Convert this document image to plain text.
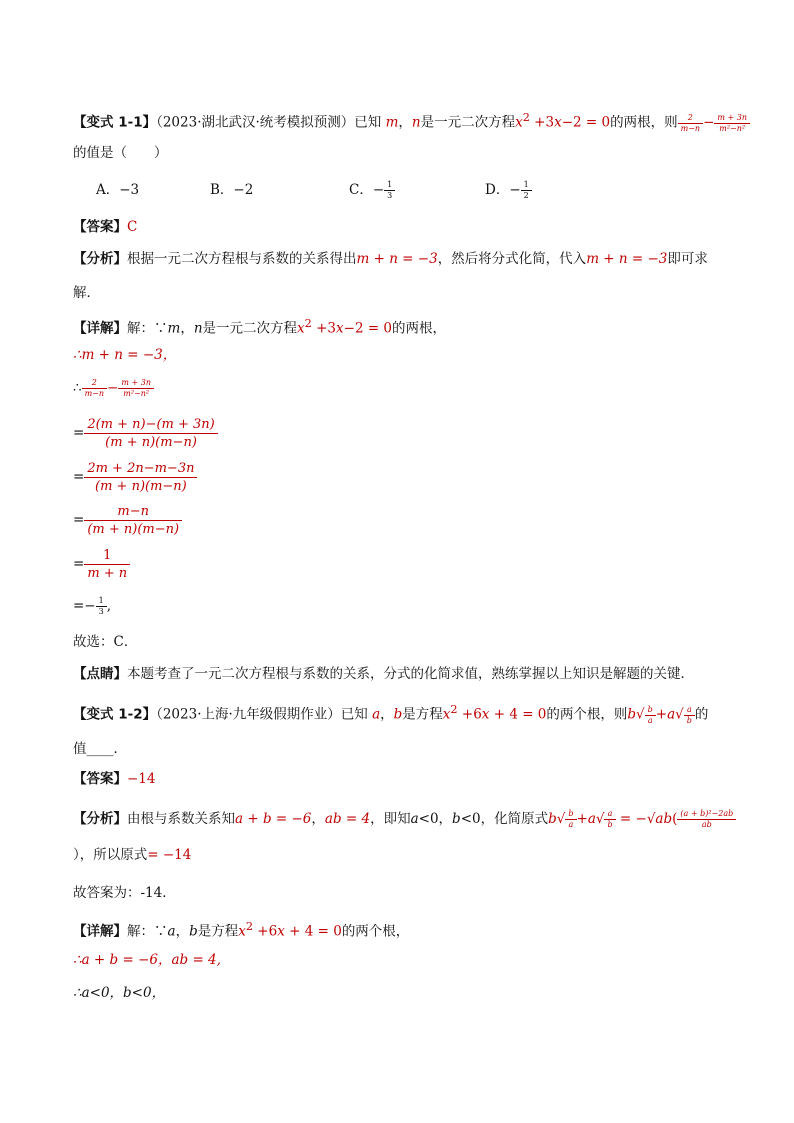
【变式 1-1】（2023·湖北武汉·统考模拟预测）已知 m，n是一元二次方程$x^2 +3x-2 = 0$的两根，则 $\frac{2}{m-n} - \frac{m + 3n}{\text{m²−n²}}$
的值是（　　）
A．−3	B．−2	C．− $\frac{1}{3}$	D．− $\frac{1}{2}$
【答案】C
【分析】根据一元二次方程根与系数的关系得出m + n = −3，然后将分式化简，代入m + n = −3即可求
解．
【详解】解：∵m，n是一元二次方程$x^2 +3x-2 = 0$的两根，
∴m + n = −3，
∴ $\frac{2}{m-n} - \frac{m + 3n}{\text{m²−n²}}$
= $\frac{2(m + n)-(m + 3n)}{(m + n)(m-n)}$
= $\frac{2m + 2n-m-3n}{(m + n)(m-n)}$
= $\frac{m-n}{(m + n)(m-n)}$
= $\frac{1}{m + n}$
=− $\frac{1}{3}$ ,
故选：C．
【点睛】本题考查了一元二次方程根与系数的关系，分式的化简求值，熟练掌握以上知识是解题的关键．
【变式 1-2】（2023·上海·九年级假期作业）已知 a，b是方程$x^2 +6x + 4 = 0$的两个根，则$b√ \frac{b}{a} +a√ \frac{a}{b}$ 的
值____．
【答案】−14
【分析】由根与系数关系知a + b = −6，ab = 4，即知a<0，b<0，化简原式$b√ \frac{b}{a} +a√ \frac{a}{b} = -√ab( \frac{\text{(a + b)²−2ab}}{ab}$
），所以原式= −14
故答案为：-14．
【详解】解：∵a，b是方程$x^2 +6x + 4 = 0$的两个根，
∴a + b = −6，ab = 4,
∴a<0，b<0，
